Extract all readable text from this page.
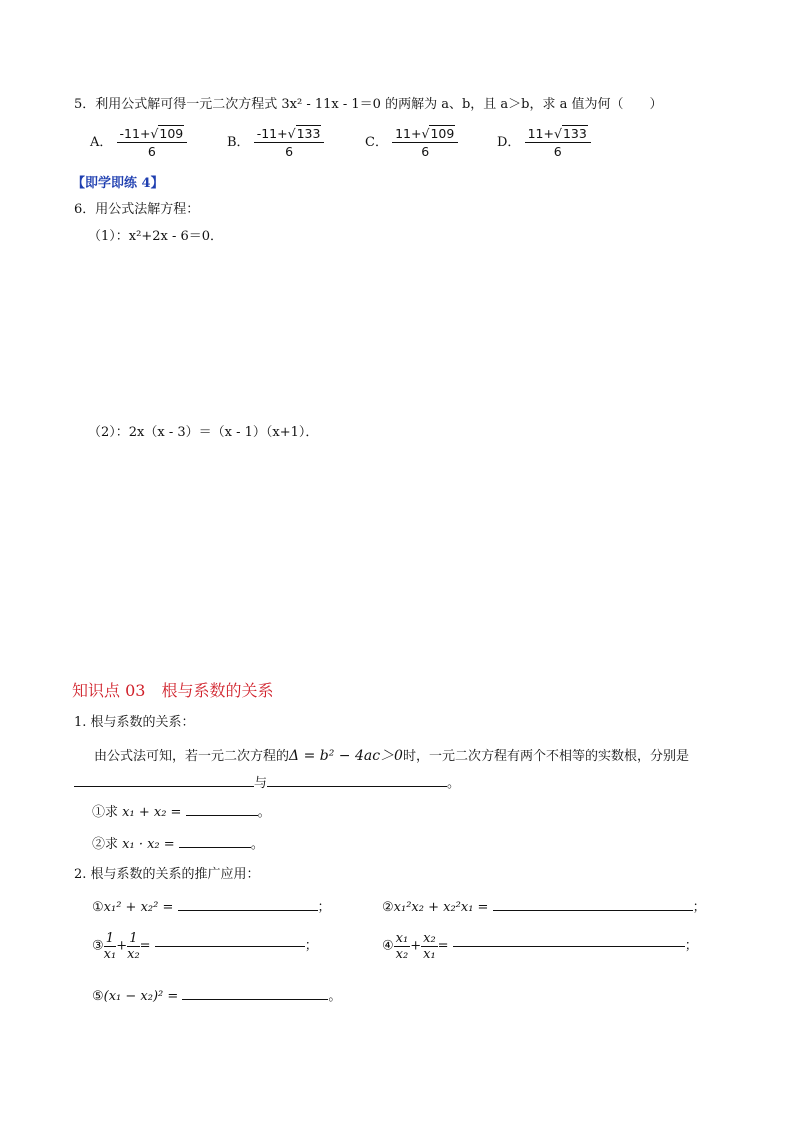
5．利用公式解可得一元二次方程式 3x² - 11x - 1＝0 的两解为 a、b，且 a＞b，求 a 值为何（　　）
A． $\frac{-11+√109}{6}$	B． $\frac{-11+√133}{6}$	C． $\frac{11+√109}{6}$	D． $\frac{11+√133}{6}$
【即学即练 4】
6．用公式法解方程：
（1）：x²+2x - 6＝0．
（2）：2x（x - 3）＝（x - 1）（x+1）．
知识点 03　根与系数的关系
1. 根与系数的关系：
由公式法可知，若一元二次方程的Δ = b² − 4ac＞0时，一元二次方程有两个不相等的实数根，分别是
与	。
①求 x₁ + x₂ =	。
②求 x₁ · x₂ =	。
2. 根与系数的关系的推广应用：
①x₁² + x₂² =	；	②x₁²x₂ + x₂²x₁ =	；
③ $\frac{1}{\text{x₁}} + \frac{1}{\text{x₂}}$ =	；	④ $\frac{\text{x₁}}{\text{x₂}} + \frac{\text{x₂}}{\text{x₁}}$ =	；
⑤(x₁ − x₂)² =	。
